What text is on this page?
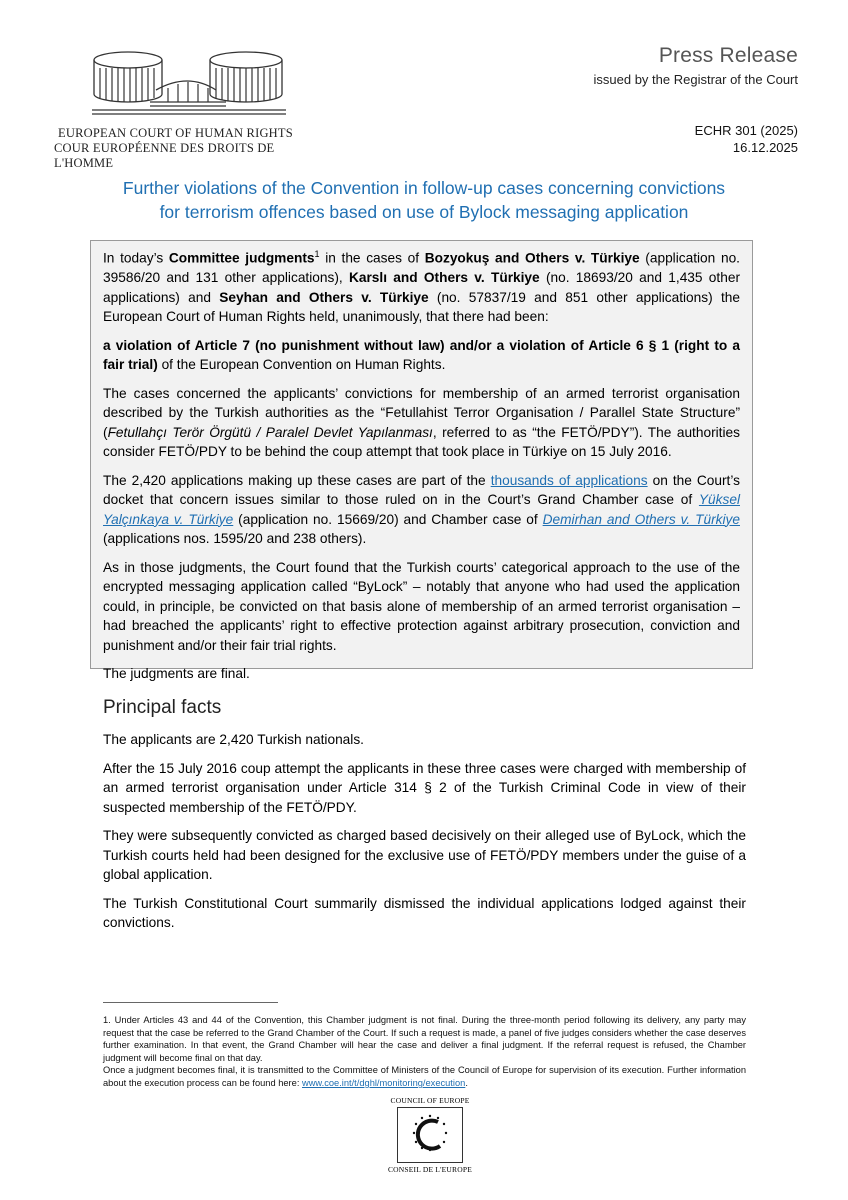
EUROPEAN COURT OF HUMAN RIGHTS
COUR EUROPÉENNE DES DROITS DE L'HOMME
Press Release
issued by the Registrar of the Court
ECHR 301 (2025)
16.12.2025
Further violations of the Convention in follow-up cases concerning convictions
for terrorism offences based on use of Bylock messaging application

In today’s Committee judgments$^1$ in the cases of Bozyokuş and Others v. Türkiye (application no. 39586/20 and 131 other applications), Karslı and Others v. Türkiye (no. 18693/20 and 1,435 other applications) and Seyhan and Others v. Türkiye (no. 57837/19 and 851 other applications) the European Court of Human Rights held, unanimously, that there had been:

a violation of Article 7 (no punishment without law) and/or a violation of Article 6 § 1 (right to a fair trial) of the European Convention on Human Rights.

The cases concerned the applicants’ convictions for membership of an armed terrorist organisation described by the Turkish authorities as the “Fetullahist Terror Organisation / Parallel State Structure” (Fetullahçı Terör Örgütü / Paralel Devlet Yapılanması, referred to as “the FETÖ/PDY”). The authorities consider FETÖ/PDY to be behind the coup attempt that took place in Türkiye on 15 July 2016.

The 2,420 applications making up these cases are part of the thousands of applications on the Court’s docket that concern issues similar to those ruled on in the Court’s Grand Chamber case of Yüksel Yalçınkaya v. Türkiye (application no. 15669/20) and Chamber case of Demirhan and Others v. Türkiye (applications nos. 1595/20 and 238 others).

As in those judgments, the Court found that the Turkish courts’ categorical approach to the use of the encrypted messaging application called “ByLock” – notably that anyone who had used the application could, in principle, be convicted on that basis alone of membership of an armed terrorist organisation – had breached the applicants’ right to effective protection against arbitrary prosecution, conviction and punishment and/or their fair trial rights.

The judgments are final.

Principal facts

The applicants are 2,420 Turkish nationals.

After the 15 July 2016 coup attempt the applicants in these three cases were charged with membership of an armed terrorist organisation under Article 314 § 2 of the Turkish Criminal Code in view of their suspected membership of the FETÖ/PDY.

They were subsequently convicted as charged based decisively on their alleged use of ByLock, which the Turkish courts held had been designed for the exclusive use of FETÖ/PDY members under the guise of a global application.

The Turkish Constitutional Court summarily dismissed the individual applications lodged against their convictions.

1. Under Articles 43 and 44 of the Convention, this Chamber judgment is not final. During the three-month period following its delivery, any party may request that the case be referred to the Grand Chamber of the Court. If such a request is made, a panel of five judges considers whether the case deserves further examination. In that event, the Grand Chamber will hear the case and deliver a final judgment. If the referral request is refused, the Chamber judgment will become final on that day.

Once a judgment becomes final, it is transmitted to the Committee of Ministers of the Council of Europe for supervision of its execution. Further information about the execution process can be found here: www.coe.int/t/dghl/monitoring/execution.

COUNCIL OF EUROPE
CONSEIL DE L'EUROPE
